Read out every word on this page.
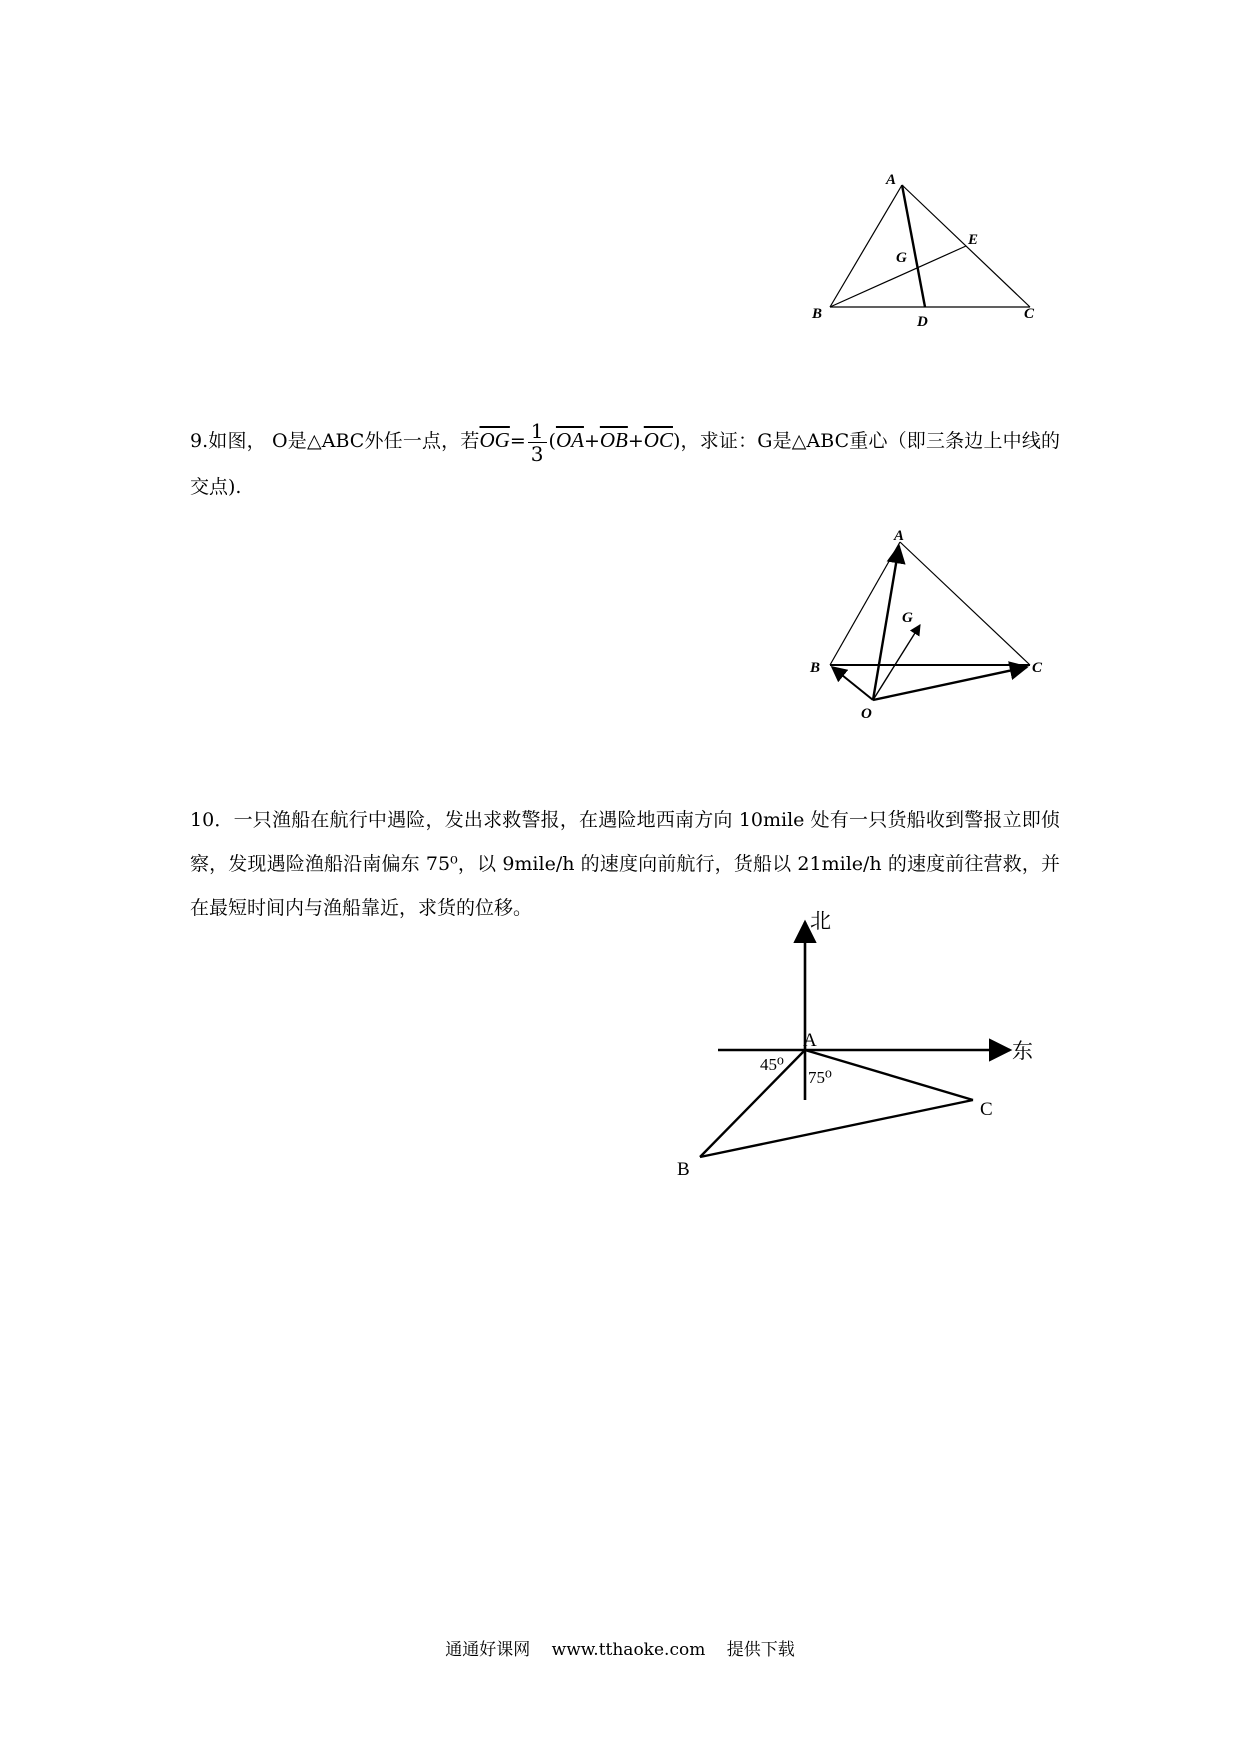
A
B	C
D
E
G
9.如图， O是△ABC外任一点，若$\overline{OG}= \frac{1}{3} (\overline{OA}+\overline{OB}+\overline{OC})$，求证：G是△ABC重心（即三条边上中线的交点).
A
B	C
G
O
10．一只渔船在航行中遇险，发出求救警报，在遇险地西南方向 10mile 处有一只货船收到警报立即侦察，发现遇险渔船沿南偏东 75⁰，以 9mile/h 的速度向前航行，货船以 21mile/h 的速度前往营救，并在最短时间内与渔船靠近，求货的位移。
北
东
A
B
C
45⁰
75⁰
通通好课网 www.tthaoke.com 提供下载
